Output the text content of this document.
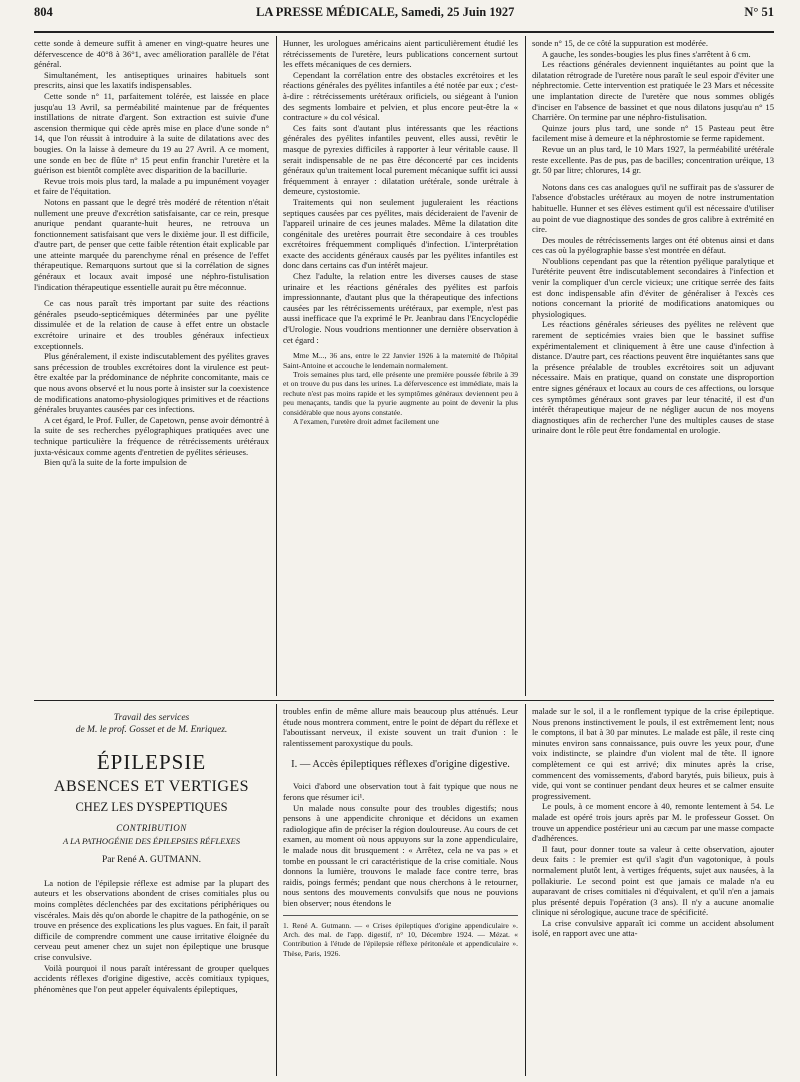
804	LA PRESSE MÉDICALE, Samedi, 25 Juin 1927	N° 51

cette sonde à demeure suffit à amener en vingt-quatre heures une défervescence de 40°8 à 36°1, avec amélioration parallèle de l'état général.

Simultanément, les antiseptiques urinaires habituels sont prescrits, ainsi que les laxatifs indispensables.

Cette sonde n° 11, parfaitement tolérée, est laissée en place jusqu'au 13 Avril, sa perméabilité maintenue par de fréquentes instillations de nitrate d'argent. Son extraction est suivie d'une ascension thermique qui cède après mise en place d'une sonde n° 14, que l'on réussit à introduire à la suite de dilatations avec des bougies. On la laisse à demeure du 19 au 27 Avril. A ce moment, une sonde en bec de flûte n° 15 peut enfin franchir l'uretère et la guérison est bientôt complète avec disparition de la bacillurie.

Revue trois mois plus tard, la malade a pu impunément voyager et faire de l'équitation.

Notons en passant que le degré très modéré de rétention n'était nullement une preuve d'excrétion satisfaisante, car ce rein, presque anurique pendant quarante-huit heures, ne retrouva un fonctionnement satisfaisant que vers le dixième jour. Il est difficile, d'autre part, de penser que cette faible rétention était explicable par une atteinte marquée du parenchyme rénal en présence de l'effet thérapeutique. Remarquons surtout que si la corrélation de signes généraux et locaux avait imposé une néphro-fistulisation l'indication thérapeutique essentielle aurait pu être méconnue.

Ce cas nous paraît très important par suite des réactions générales pseudo-septicémiques déterminées par une pyélite dissimulée et de la relation de cause à effet entre un obstacle excrétoire urinaire et des troubles généraux infectieux exceptionnels.

Plus généralement, il existe indiscutablement des pyélites graves sans précession de troubles excrétoires dont la virulence est peut-être exaltée par la prédominance de néphrite concomitante, mais ce que nous avons observé et lu nous porte à insister sur la coexistence de modifications anatomo-physiologiques primitives et de réactions générales bruyantes causées par ces infections.

A cet égard, le Prof. Fuller, de Capetown, pense avoir démontré à la suite de ses recherches pyélographiques pratiquées avec une technique particulière la fréquence de rétrécissements urétéraux juxta-vésicaux comme agents d'entretien de pyélites sérieuses.

Bien qu'à la suite de la forte impulsion de

Hunner, les urologues américains aient particulièrement étudié les rétrécissements de l'uretère, leurs publications concernent surtout les effets mécaniques de ces derniers.

Cependant la corrélation entre des obstacles excrétoires et les réactions générales des pyélites infantiles a été notée par eux ; c'est-à-dire : rétrécissements urétéraux orificiels, ou siégeant à l'union des segments lombaire et pelvien, et plus encore peut-être la « contracture » du col vésical.

Ces faits sont d'autant plus intéressants que les réactions générales des pyélites infantiles peuvent, elles aussi, revêtir le masque de pyrexies difficiles à rapporter à leur véritable cause. Il serait indispensable de ne pas être déconcerté par ces incidents généraux qu'un traitement local purement mécanique suffit ici aussi fréquemment à enrayer : dilatation urétérale, sonde urétrale à demeure, cystostomie.

Traitements qui non seulement juguleraient les réactions septiques causées par ces pyélites, mais décideraient de l'avenir de l'appareil urinaire de ces jeunes malades. Même la dilatation dite congénitale des uretères pourrait être secondaire à ces troubles excrétoires fréquemment compliqués d'infection. L'interprétation exacte des accidents généraux causés par les pyélites infantiles est donc dans certains cas d'un intérêt majeur.

Chez l'adulte, la relation entre les diverses causes de stase urinaire et les réactions générales des pyélites est parfois impressionnante, d'autant plus que la thérapeutique des infections causées par les rétrécissements urétéraux, par exemple, n'est pas aussi inefficace que l'a exprimé le Pr. Jeanbrau dans l'Encyclopédie d'Urologie. Nous voudrions mentionner une dernière observation à cet égard :

Mme M..., 36 ans, entre le 22 Janvier 1926 à la maternité de l'hôpital Saint-Antoine et accouche le lendemain normalement.

Trois semaines plus tard, elle présente une première poussée fébrile à 39 et on trouve du pus dans les urines. La défervescence est immédiate, mais la rechute n'est pas moins rapide et les symptômes généraux deviennent peu à peu menaçants, tandis que la pyurie augmente au point de devenir la plus considérable que nous ayons constatée.

A l'examen, l'uretère droit admet facilement une

sonde n° 15, de ce côté la suppuration est modérée.

A gauche, les sondes-bougies les plus fines s'arrêtent à 6 cm.

Les réactions générales deviennent inquiétantes au point que la dilatation rétrograde de l'uretère nous paraît le seul espoir d'éviter une néphrectomie. Cette intervention est pratiquée le 23 Mars et nécessite une implantation directe de l'uretère que nous sommes obligés d'inciser en l'absence de bassinet et que nous dilatons jusqu'au n° 15 Charrière. On termine par une néphro-fistulisation.

Quinze jours plus tard, une sonde n° 15 Pasteau peut être facilement mise à demeure et la néphrostomie se ferme rapidement.

Revue un an plus tard, le 10 Mars 1927, la perméabilité urétérale reste excellente. Pas de pus, pas de bacilles; concentration uréique, 13 gr. 50 par litre; chlorures, 14 gr.

Notons dans ces cas analogues qu'il ne suffirait pas de s'assurer de l'absence d'obstacles urétéraux au moyen de notre instrumentation habituelle. Hunner et ses élèves estiment qu'il est nécessaire d'utiliser au point de vue diagnostique des sondes de gros calibre à extrémité en cire.

Des moules de rétrécissements larges ont été obtenus ainsi et dans ces cas où la pyélographie basse s'est montrée en défaut.

N'oublions cependant pas que la rétention pyélique paralytique et l'urétérite peuvent être indiscutablement secondaires à l'infection et venir la compliquer d'un cercle vicieux; une critique serrée des faits est donc indispensable afin d'éviter de généraliser à l'excès ces notions concernant la priorité de modifications anatomiques ou physiologiques.

Les réactions générales sérieuses des pyélites ne relèvent que rarement de septicémies vraies bien que le bassinet suffise expérimentalement et cliniquement à être une cause d'infection à distance. D'autre part, ces réactions peuvent être inquiétantes sans que la présence préalable de troubles excrétoires soit un adjuvant nécessaire. Mais en pratique, quand on constate une disproportion entre signes généraux et locaux au cours de ces affections, ou lorsque ces symptômes généraux sont graves par leur ténacité, il est d'un intérêt thérapeutique majeur de ne négliger aucun de nos moyens diagnostiques afin de rechercher l'une des multiples causes de stase urinaire dont le rôle peut être fondamental en urologie.

Travail des services
de M. le prof. Gosset et de M. Enriquez.
ÉPILEPSIE
ABSENCES ET VERTIGES
CHEZ LES DYSPEPTIQUES
CONTRIBUTION
A LA PATHOGÉNIE DES ÉPILEPSIES RÉFLEXES
Par René A. GUTMANN.

La notion de l'épilepsie réflexe est admise par la plupart des auteurs et les observations abondent de crises comitiales plus ou moins complètes déclenchées par des excitations périphériques ou viscérales. Mais dès qu'on aborde le chapitre de la pathogénie, on se trouve en présence des explications les plus vagues. En fait, il paraît difficile de comprendre comment une cause irritative éloignée du cerveau peut amener chez un sujet non épileptique une brusque crise convulsive.

Voilà pourquoi il nous paraît intéressant de grouper quelques accidents réflexes d'origine digestive, accès comitiaux typiques, phénomènes que l'on peut appeler équivalents épileptiques,

troubles enfin de même allure mais beaucoup plus atténués. Leur étude nous montrera comment, entre le point de départ du réflexe et l'aboutissant nerveux, il existe souvent un trait d'union : le ralentissement paroxystique du pouls.

I. — Accès épileptiques réflexes d'origine digestive.

Voici d'abord une observation tout à fait typique que nous ne ferons que résumer ici¹.

Un malade nous consulte pour des troubles digestifs; nous pensons à une appendicite chronique et décidons un examen radiologique afin de préciser la région douloureuse. Au cours de cet examen, au moment où nous appuyons sur la zone appendiculaire, le malade nous dit brusquement : « Arrêtez, cela ne va pas » et tombe en poussant le cri caractéristique de la crise comitiale. Nous donnons la lumière, trouvons le malade face contre terre, bras raidis, poings fermés; pendant que nous cherchons à le retourner, nous sentons des mouvements convulsifs que nous ne pouvions bien observer; nous étendons le

1. René A. Gutmann. — « Crises épileptiques d'origine appendiculaire ». Arch. des mal. de l'app. digestif, n° 10, Décembre 1924. — Mézat. « Contribution à l'étude de l'épilepsie réflexe péritonéale et appendiculaire ». Thèse, Paris, 1926.

malade sur le sol, il a le ronflement typique de la crise épileptique. Nous prenons instinctivement le pouls, il est extrêmement lent; nous le comptons, il bat à 30 par minutes. Le malade est pâle, il reste cinq minutes environ sans connaissance, puis ouvre les yeux pour, d'une voix indistincte, se plaindre d'un violent mal de tête. Il ignore complètement ce qui est arrivé; dix minutes après la crise, commencent des vomissements, d'abord barytés, puis bilieux, puis à vide, qui vont se continuer pendant deux heures et se calmer ensuite progressivement.

Le pouls, à ce moment encore à 40, remonte lentement à 54. Le malade est opéré trois jours après par M. le professeur Gosset. On trouve un appendice postérieur uni au cæcum par une masse compacte d'adhérences.

Il faut, pour donner toute sa valeur à cette observation, ajouter deux faits : le premier est qu'il s'agit d'un vagotonique, à pouls normalement plutôt lent, à vertiges fréquents, sujet aux nausées, à la pollakiurie. Le second point est que jamais ce malade n'a eu auparavant de crises comitiales ni d'équivalent, et qu'il n'en a jamais plus présenté depuis l'opération (3 ans). Il n'y a aucune anomalie clinique ni sérologique, aucune trace de spécificité.

La crise convulsive apparaît ici comme un accident absolument isolé, en rapport avec une atta-
